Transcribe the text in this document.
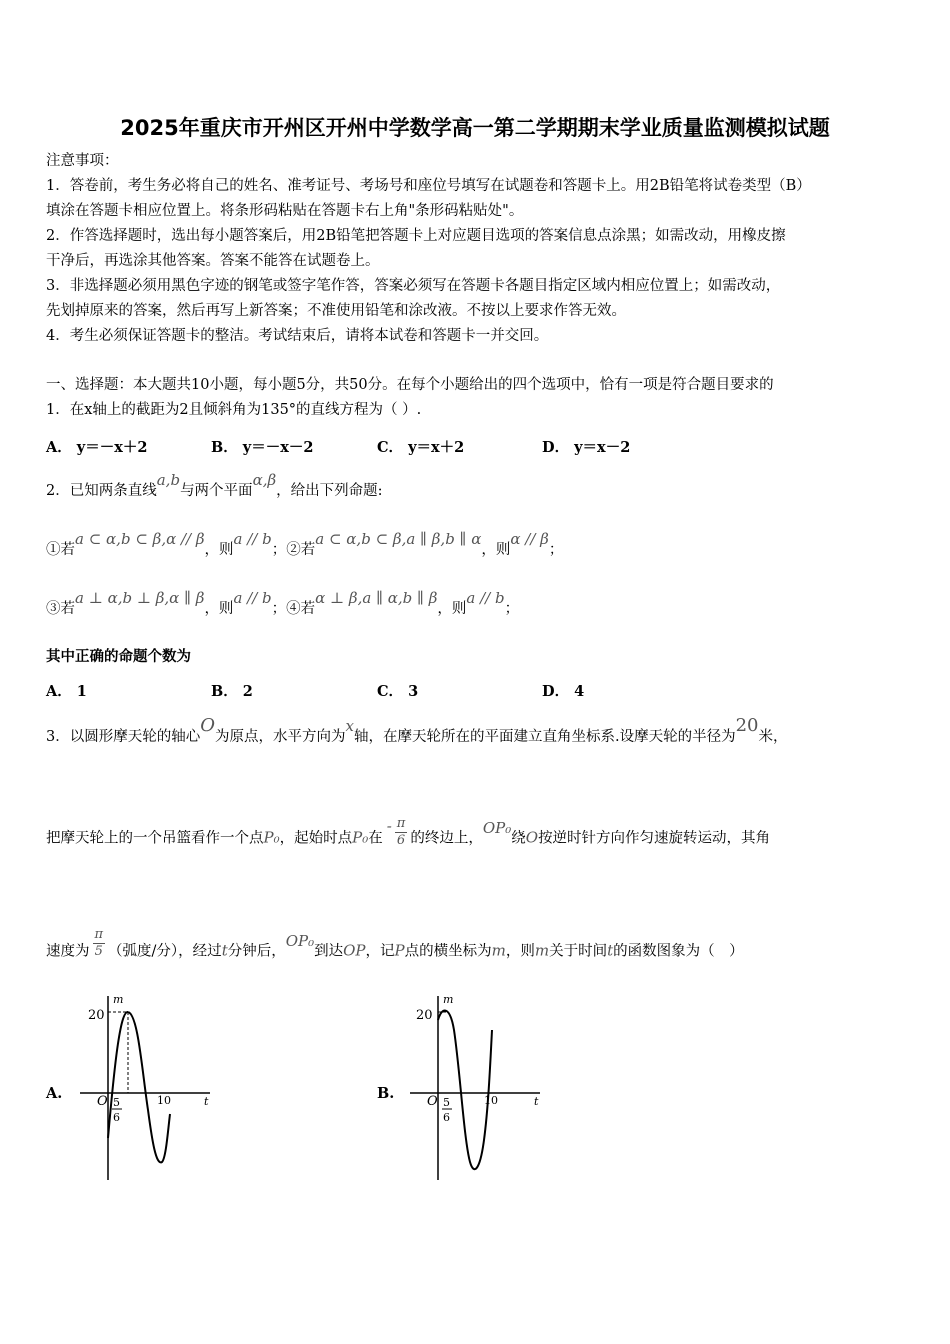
2025年重庆市开州区开州中学数学高一第二学期期末学业质量监测模拟试题
注意事项：
1．答卷前，考生务必将自己的姓名、准考证号、考场号和座位号填写在试题卷和答题卡上。用2B铅笔将试卷类型（B）
填涂在答题卡相应位置上。将条形码粘贴在答题卡右上角"条形码粘贴处"。
2．作答选择题时，选出每小题答案后，用2B铅笔把答题卡上对应题目选项的答案信息点涂黑；如需改动，用橡皮擦
干净后，再选涂其他答案。答案不能答在试题卷上。
3．非选择题必须用黑色字迹的钢笔或签字笔作答，答案必须写在答题卡各题目指定区域内相应位置上；如需改动，
先划掉原来的答案，然后再写上新答案；不准使用铅笔和涂改液。不按以上要求作答无效。
4．考生必须保证答题卡的整洁。考试结束后，请将本试卷和答题卡一并交回。
一、选择题：本大题共10小题，每小题5分，共50分。在每个小题给出的四个选项中，恰有一项是符合题目要求的
1．在x轴上的截距为2且倾斜角为135°的直线方程为（ ）.
A． y＝－x＋2	B． y＝－x－2	C． y＝x＋2	D． y＝x－2
2．已知两条直线a,b与两个平面α,β，给出下列命题:
①若a ⊂ α,b ⊂ β,α // β，则a // b；②若a ⊂ α,b ⊂ β,a ∥ β,b ∥ α，则α // β；
③若a ⊥ α,b ⊥ β,α ∥ β，则a // b；④若α ⊥ β,a ∥ α,b ∥ β，则a // b；
其中正确的命题个数为
A． 1	B． 2	C． 3	D． 4
3．以圆形摩天轮的轴心O为原点，水平方向为x轴，在摩天轮所在的平面建立直角坐标系.设摩天轮的半径为20米，
把摩天轮上的一个吊篮看作一个点P₀，起始时点P₀在- $\frac{\pi}{6}$ 的终边上，OP₀绕O按逆时针方向作匀速旋转运动，其角
速度为 $\frac{\pi}{5}$ （弧度/分），经过t分钟后，OP₀到达OP，记P点的横坐标为m，则m关于时间t的函数图象为（　）
A.	B.
m
t
20
O 5
6
10
m
t
20
O 5
6
10
